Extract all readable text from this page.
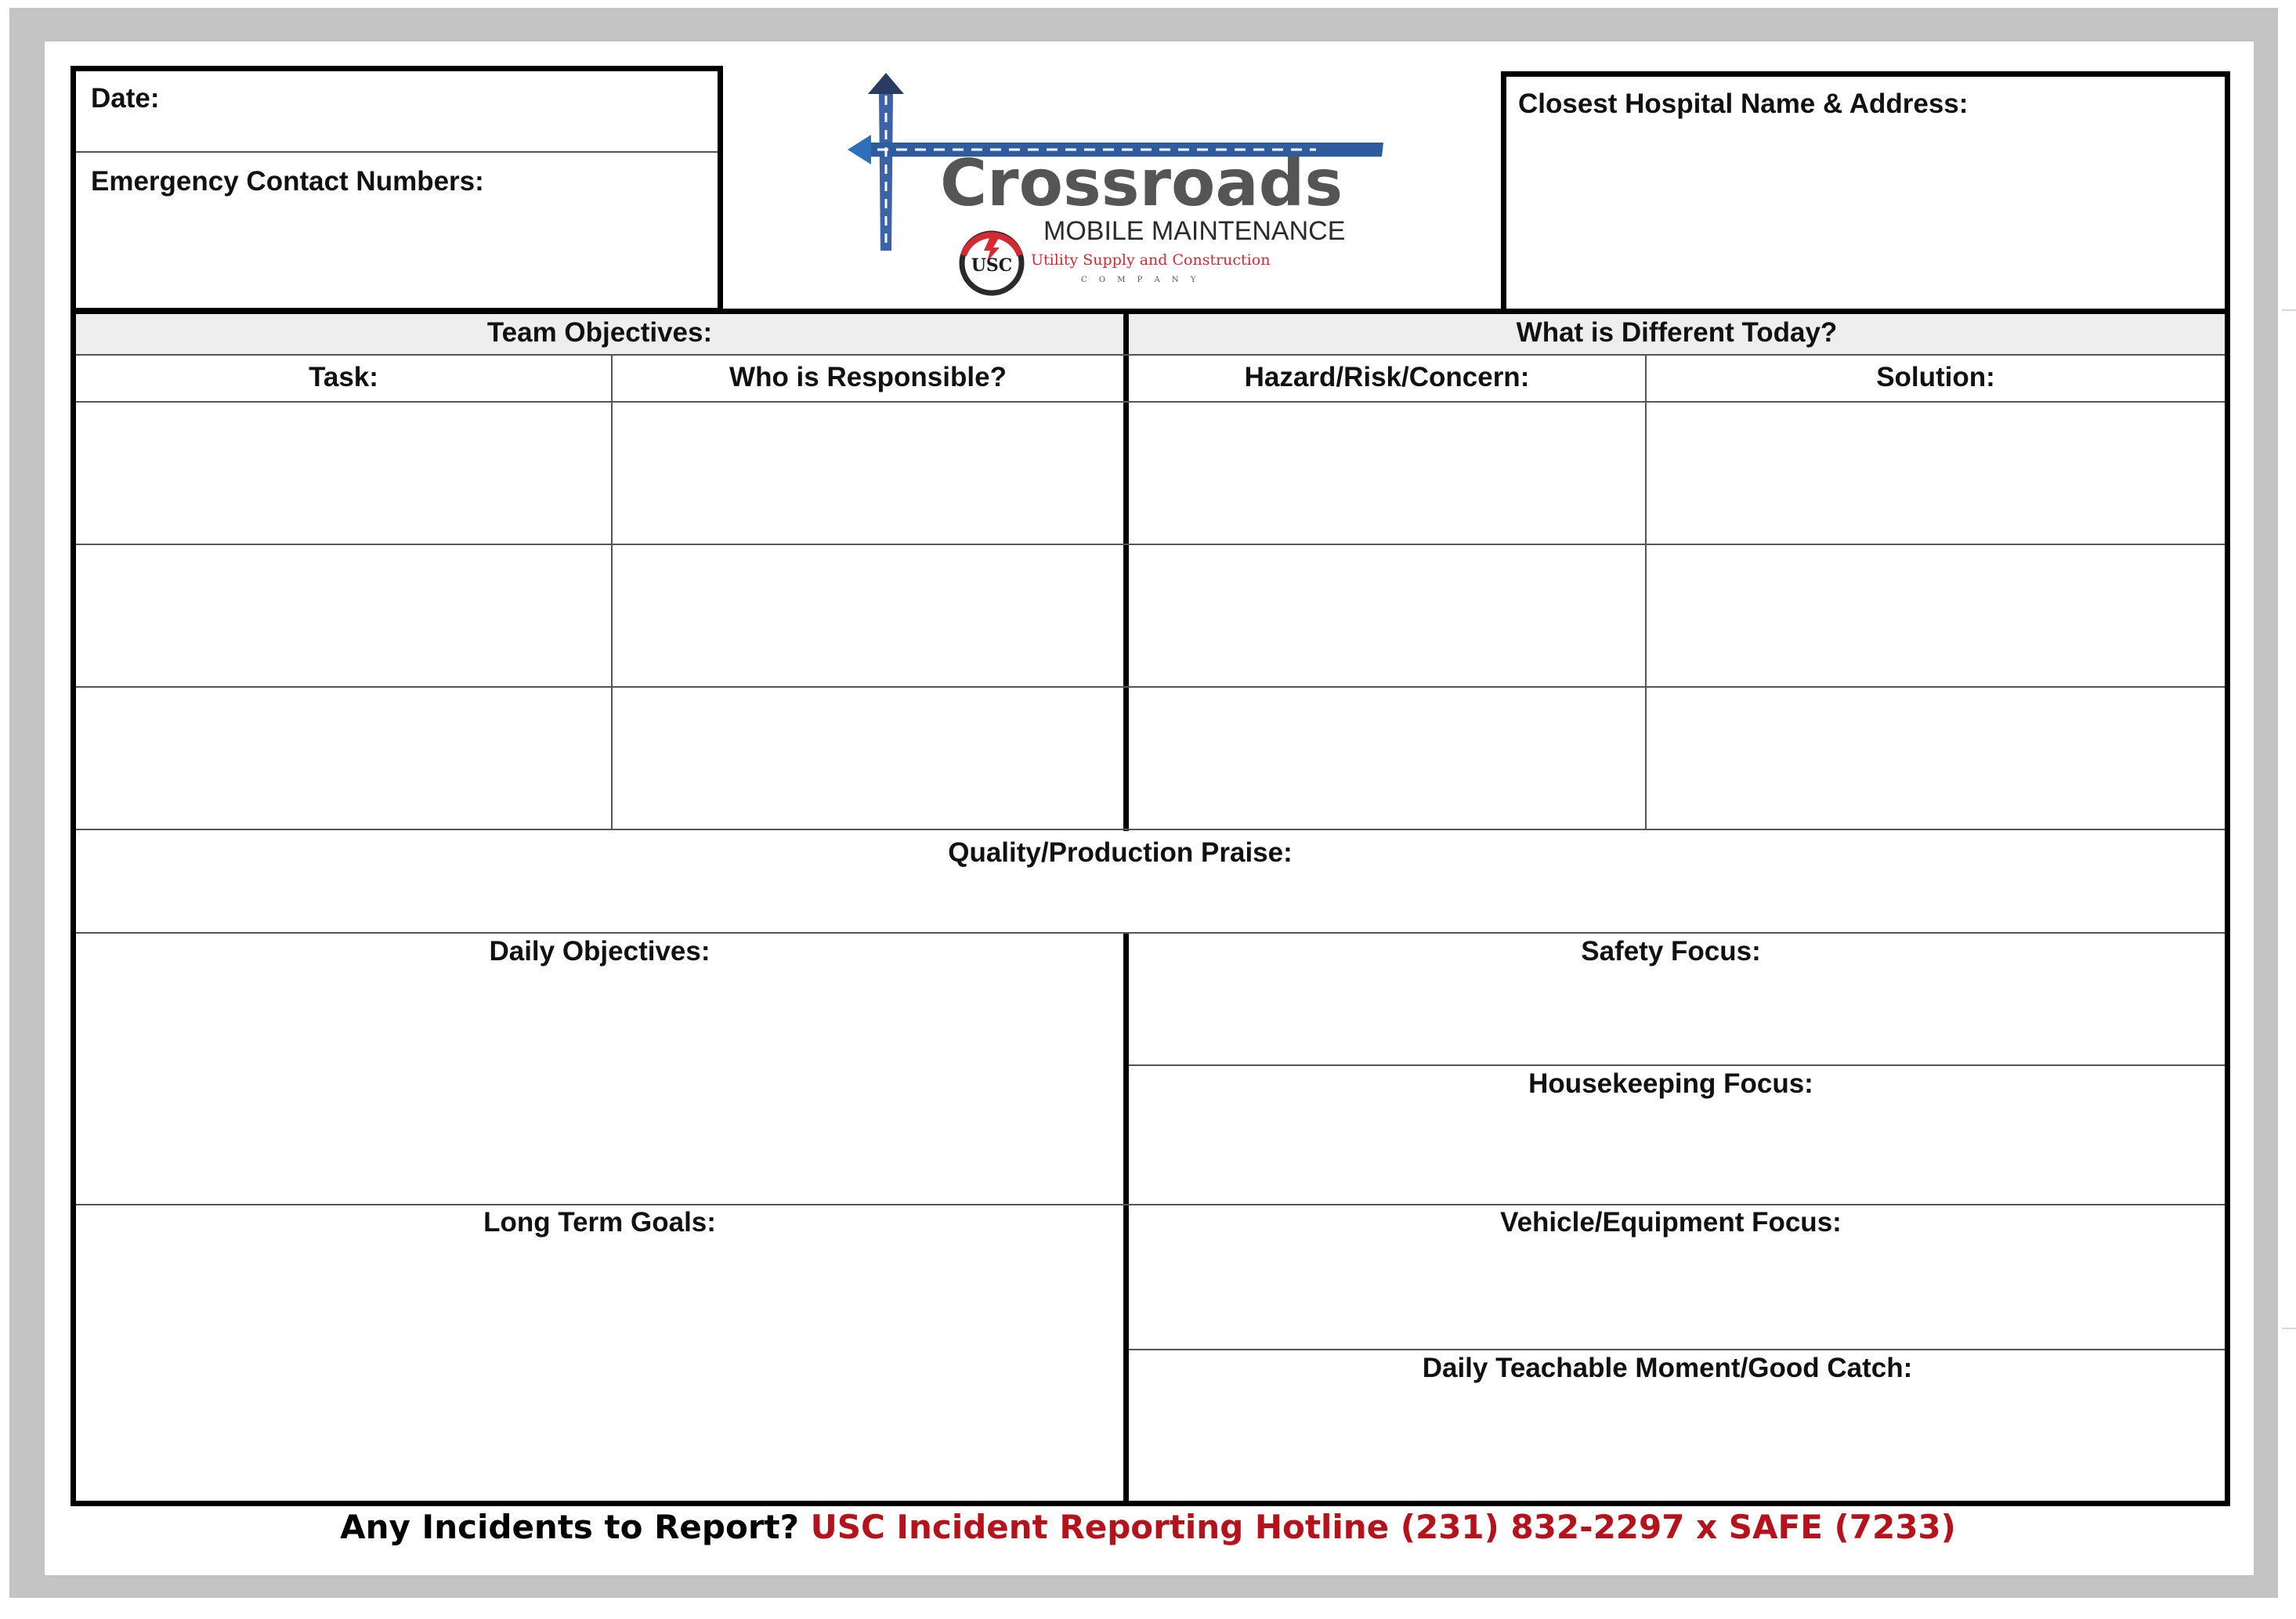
Date:
Emergency Contact Numbers:
Closest Hospital Name & Address:
Crossroads
MOBILE MAINTENANCE
USC Utility Supply and Construction
C O M P A N Y
Team Objectives:	What is Different Today?
Task:	Who is Responsible?	Hazard/Risk/Concern:	Solution:
Quality/Production Praise:
Daily Objectives:
Long Term Goals:
Safety Focus:
Housekeeping Focus:
Vehicle/Equipment Focus:
Daily Teachable Moment/Good Catch:
Any Incidents to Report? USC Incident Reporting Hotline (231) 832-2297 x SAFE (7233)
